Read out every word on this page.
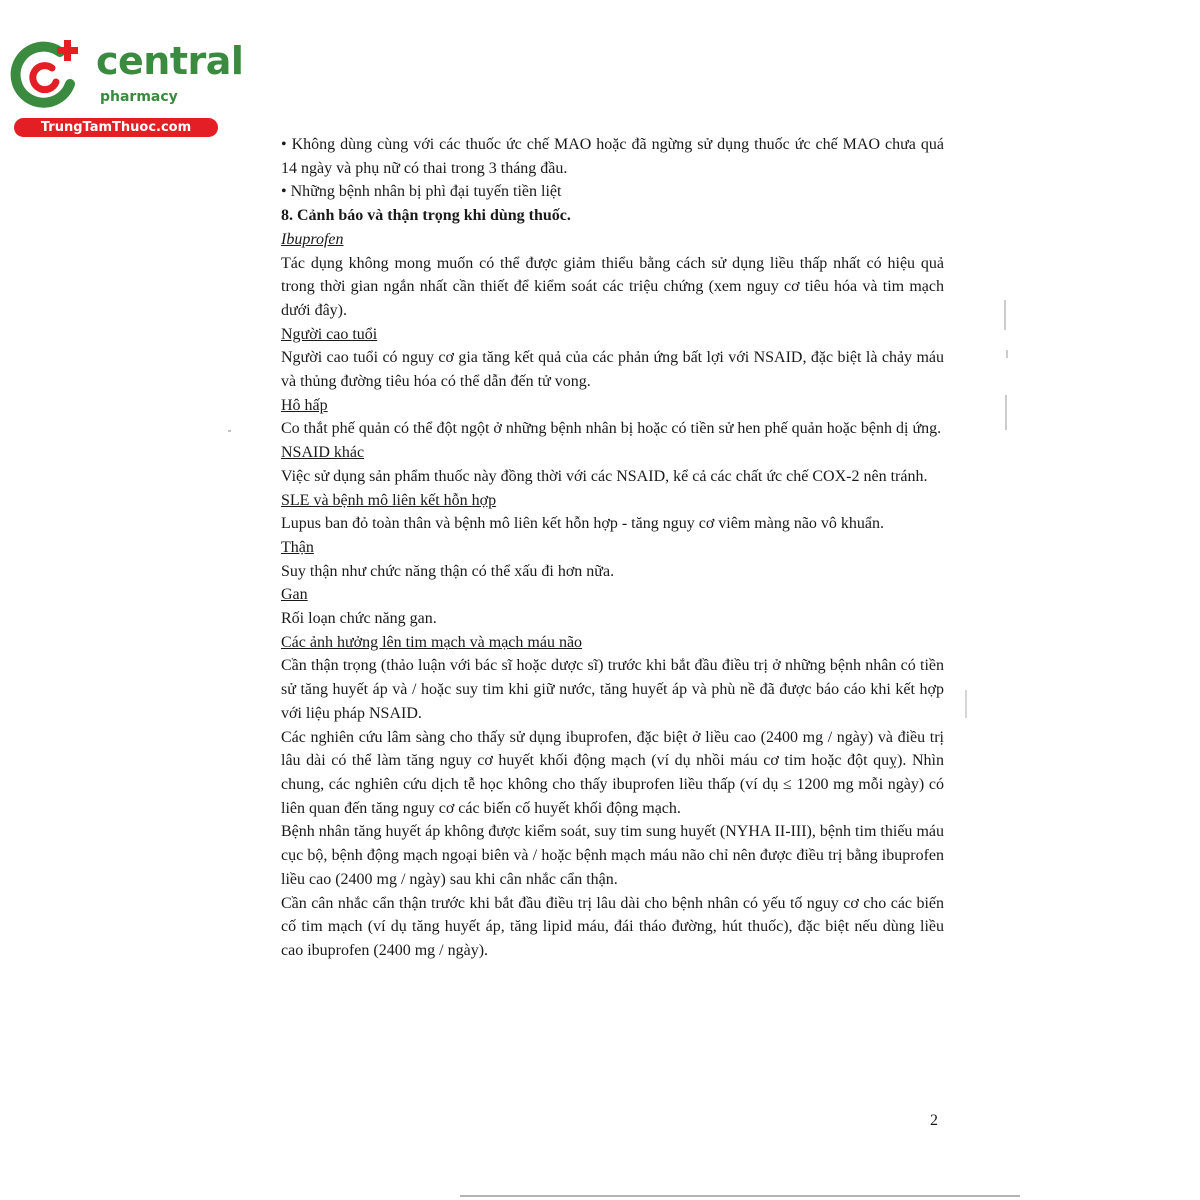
central
pharmacy
TrungTamThuoc.com

• Không dùng cùng với các thuốc ức chế MAO hoặc đã ngừng sử dụng thuốc ức chế MAO chưa quá 14 ngày và phụ nữ có thai trong 3 tháng đầu.

• Những bệnh nhân bị phì đại tuyến tiền liệt

8. Cảnh báo và thận trọng khi dùng thuốc.

Ibuprofen

Tác dụng không mong muốn có thể được giảm thiểu bằng cách sử dụng liều thấp nhất có hiệu quả trong thời gian ngắn nhất cần thiết để kiểm soát các triệu chứng (xem nguy cơ tiêu hóa và tim mạch dưới đây).

Người cao tuổi

Người cao tuổi có nguy cơ gia tăng kết quả của các phản ứng bất lợi với NSAID, đặc biệt là chảy máu và thủng đường tiêu hóa có thể dẫn đến tử vong.

Hô hấp

Co thắt phế quản có thể đột ngột ở những bệnh nhân bị hoặc có tiền sử hen phế quản hoặc bệnh dị ứng.

NSAID khác

Việc sử dụng sản phẩm thuốc này đồng thời với các NSAID, kể cả các chất ức chế COX-2 nên tránh.

SLE và bệnh mô liên kết hỗn hợp

Lupus ban đỏ toàn thân và bệnh mô liên kết hỗn hợp - tăng nguy cơ viêm màng não vô khuẩn.

Thận

Suy thận như chức năng thận có thể xấu đi hơn nữa.

Gan

Rối loạn chức năng gan.

Các ảnh hưởng lên tim mạch và mạch máu não

Cần thận trọng (thảo luận với bác sĩ hoặc dược sĩ) trước khi bắt đầu điều trị ở những bệnh nhân có tiền sử tăng huyết áp và / hoặc suy tim khi giữ nước, tăng huyết áp và phù nề đã được báo cáo khi kết hợp với liệu pháp NSAID.

Các nghiên cứu lâm sàng cho thấy sử dụng ibuprofen, đặc biệt ở liều cao (2400 mg / ngày) và điều trị lâu dài có thể làm tăng nguy cơ huyết khối động mạch (ví dụ nhồi máu cơ tim hoặc đột quỵ). Nhìn chung, các nghiên cứu dịch tễ học không cho thấy ibuprofen liều thấp (ví dụ ≤ 1200 mg mỗi ngày) có liên quan đến tăng nguy cơ các biến cố huyết khối động mạch.

Bệnh nhân tăng huyết áp không được kiểm soát, suy tim sung huyết (NYHA II-III), bệnh tim thiếu máu cục bộ, bệnh động mạch ngoại biên và / hoặc bệnh mạch máu não chỉ nên được điều trị bằng ibuprofen liều cao (2400 mg / ngày) sau khi cân nhắc cẩn thận.

Cần cân nhắc cẩn thận trước khi bắt đầu điều trị lâu dài cho bệnh nhân có yếu tố nguy cơ cho các biến cố tim mạch (ví dụ tăng huyết áp, tăng lipid máu, đái tháo đường, hút thuốc), đặc biệt nếu dùng liều cao ibuprofen (2400 mg / ngày).

2
